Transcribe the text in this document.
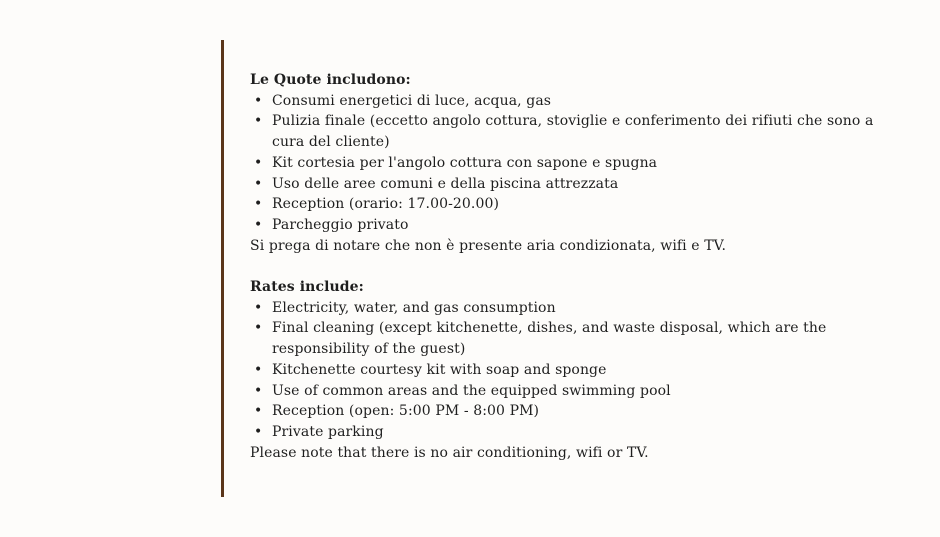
Le Quote includono:

• Consumi energetici di luce, acqua, gas
• Pulizia finale (eccetto angolo cottura, stoviglie e conferimento dei rifiuti che sono a cura del cliente)
• Kit cortesia per l'angolo cottura con sapone e spugna
• Uso delle aree comuni e della piscina attrezzata
• Reception (orario: 17.00-20.00)
• Parcheggio privato

Si prega di notare che non è presente aria condizionata, wifi e TV.

Rates include:

• Electricity, water, and gas consumption
• Final cleaning (except kitchenette, dishes, and waste disposal, which are the responsibility of the guest)
• Kitchenette courtesy kit with soap and sponge
• Use of common areas and the equipped swimming pool
• Reception (open: 5:00 PM - 8:00 PM)
• Private parking

Please note that there is no air conditioning, wifi or TV.
